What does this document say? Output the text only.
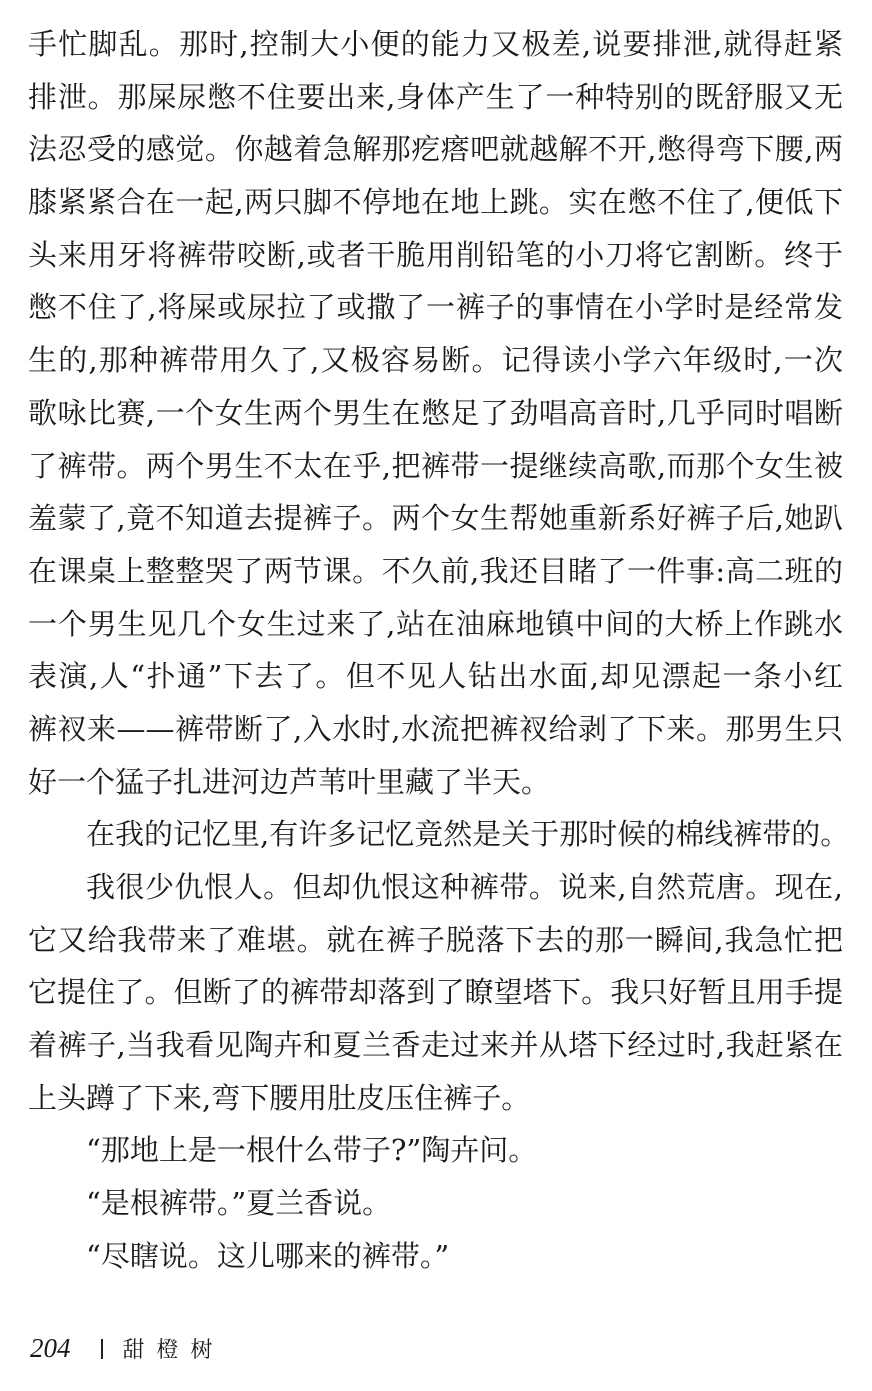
手忙脚乱。那时,控制大小便的能力又极差,说要排泄,就得赶紧
排泄。那屎尿憋不住要出来,身体产生了一种特别的既舒服又无
法忍受的感觉。你越着急解那疙瘩吧就越解不开,憋得弯下腰,两
膝紧紧合在一起,两只脚不停地在地上跳。实在憋不住了,便低下
头来用牙将裤带咬断,或者干脆用削铅笔的小刀将它割断。终于
憋不住了,将屎或尿拉了或撒了一裤子的事情在小学时是经常发
生的,那种裤带用久了,又极容易断。记得读小学六年级时,一次
歌咏比赛,一个女生两个男生在憋足了劲唱高音时,几乎同时唱断
了裤带。两个男生不太在乎,把裤带一提继续高歌,而那个女生被
羞蒙了,竟不知道去提裤子。两个女生帮她重新系好裤子后,她趴
在课桌上整整哭了两节课。不久前,我还目睹了一件事:高二班的
一个男生见几个女生过来了,站在油麻地镇中间的大桥上作跳水
表演,人“扑通”下去了。但不见人钻出水面,却见漂起一条小红
裤衩来——裤带断了,入水时,水流把裤衩给剥了下来。那男生只
好一个猛子扎进河边芦苇叶里藏了半天。
在我的记忆里,有许多记忆竟然是关于那时候的棉线裤带的。
我很少仇恨人。但却仇恨这种裤带。说来,自然荒唐。现在,
它又给我带来了难堪。就在裤子脱落下去的那一瞬间,我急忙把
它提住了。但断了的裤带却落到了瞭望塔下。我只好暂且用手提
着裤子,当我看见陶卉和夏兰香走过来并从塔下经过时,我赶紧在
上头蹲了下来,弯下腰用肚皮压住裤子。
“那地上是一根什么带子?”陶卉问。
“是根裤带。”夏兰香说。
“尽瞎说。这儿哪来的裤带。”
204 甜橙树
